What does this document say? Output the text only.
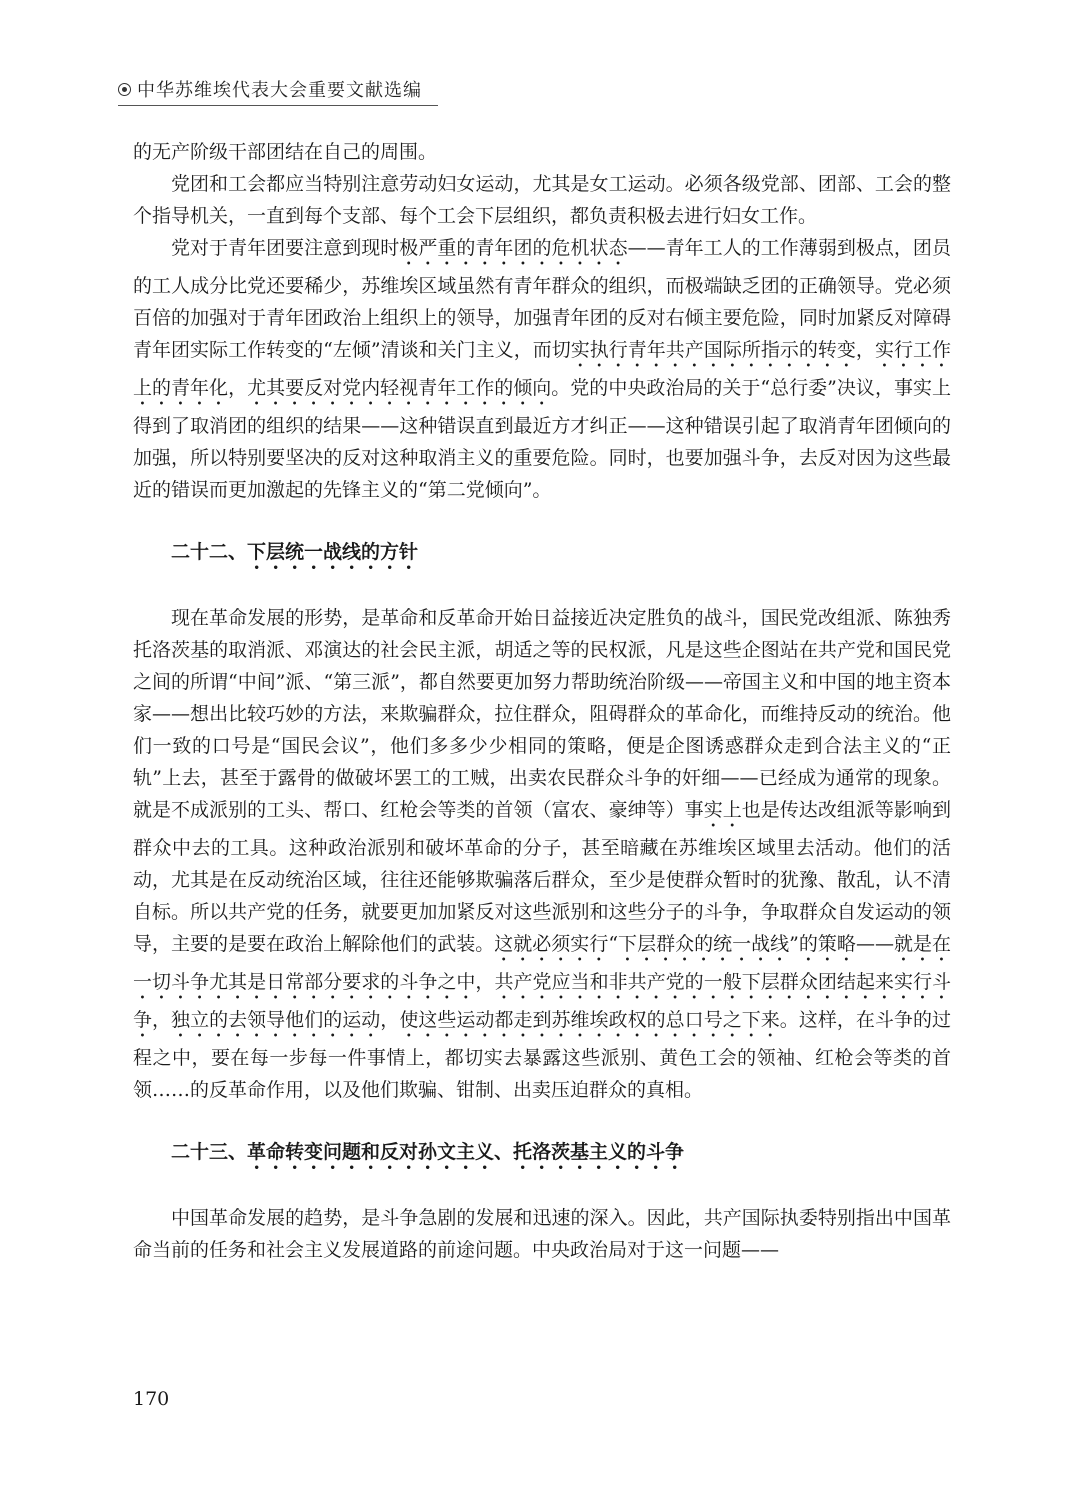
中华苏维埃代表大会重要文献选编

的无产阶级干部团结在自己的周围。

党团和工会都应当特别注意劳动妇女运动，尤其是女工运动。必须各级党部、团部、工会的整个指导机关，一直到每个支部、每个工会下层组织，都负责积极去进行妇女工作。

党对于青年团要注意到现时极严重的青年团的危机状态——青年工人的工作薄弱到极点，团员的工人成分比党还要稀少，苏维埃区域虽然有青年群众的组织，而极端缺乏团的正确领导。党必须百倍的加强对于青年团政治上组织上的领导，加强青年团的反对右倾主要危险，同时加紧反对障碍青年团实际工作转变的“左倾”清谈和关门主义，而切实执行青年共产国际所指示的转变，实行工作上的青年化，尤其要反对党内轻视青年工作的倾向。党的中央政治局的关于“总行委”决议，事实上得到了取消团的组织的结果——这种错误直到最近方才纠正——这种错误引起了取消青年团倾向的加强，所以特别要坚决的反对这种取消主义的重要危险。同时，也要加强斗争，去反对因为这些最近的错误而更加激起的先锋主义的“第二党倾向”。

二十二、下层统一战线的方针

现在革命发展的形势，是革命和反革命开始日益接近决定胜负的战斗，国民党改组派、陈独秀托洛茨基的取消派、邓演达的社会民主派，胡适之等的民权派，凡是这些企图站在共产党和国民党之间的所谓“中间”派、“第三派”，都自然要更加努力帮助统治阶级——帝国主义和中国的地主资本家——想出比较巧妙的方法，来欺骗群众，拉住群众，阻碍群众的革命化，而维持反动的统治。他们一致的口号是“国民会议”，他们多多少少相同的策略，便是企图诱惑群众走到合法主义的“正轨”上去，甚至于露骨的做破坏罢工的工贼，出卖农民群众斗争的奸细——已经成为通常的现象。就是不成派别的工头、帮口、红枪会等类的首领（富农、豪绅等）事实上也是传达改组派等影响到群众中去的工具。这种政治派别和破坏革命的分子，甚至暗藏在苏维埃区域里去活动。他们的活动，尤其是在反动统治区域，往往还能够欺骗落后群众，至少是使群众暂时的犹豫、散乱，认不清自标。所以共产党的任务，就要更加加紧反对这些派别和这些分子的斗争，争取群众自发运动的领导，主要的是要在政治上解除他们的武装。这就必须实行“下层群众的统一战线”的策略——就是在一切斗争尤其是日常部分要求的斗争之中，共产党应当和非共产党的一般下层群众团结起来实行斗争，独立的去领导他们的运动，使这些运动都走到苏维埃政权的总口号之下来。这样，在斗争的过程之中，要在每一步每一件事情上，都切实去暴露这些派别、黄色工会的领袖、红枪会等类的首领……的反革命作用，以及他们欺骗、钳制、出卖压迫群众的真相。

二十三、革命转变问题和反对孙文主义、托洛茨基主义的斗争

中国革命发展的趋势，是斗争急剧的发展和迅速的深入。因此，共产国际执委特别指出中国革命当前的任务和社会主义发展道路的前途问题。中央政治局对于这一问题——

170
